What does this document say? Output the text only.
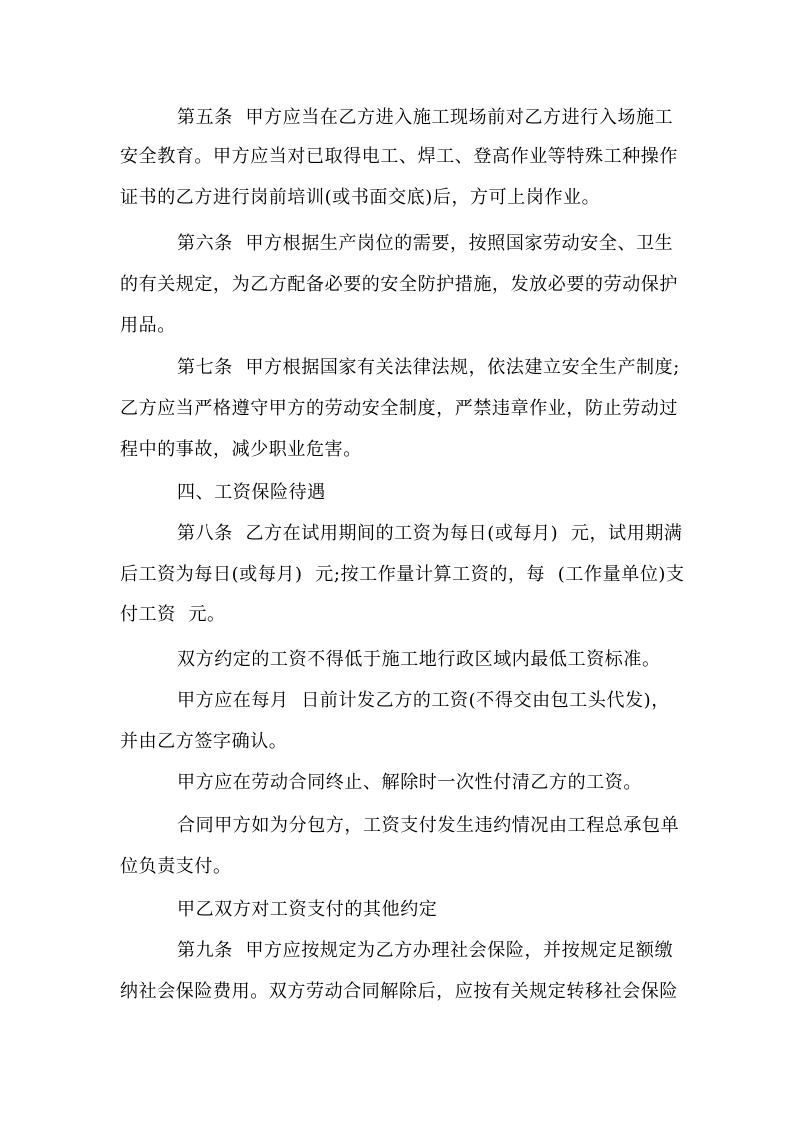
第五条  甲方应当在乙方进入施工现场前对乙方进行入场施工
安全教育。甲方应当对已取得电工、焊工、登高作业等特殊工种操作
证书的乙方进行岗前培训(或书面交底)后，方可上岗作业。
第六条  甲方根据生产岗位的需要，按照国家劳动安全、卫生
的有关规定，为乙方配备必要的安全防护措施，发放必要的劳动保护
用品。
第七条  甲方根据国家有关法律法规，依法建立安全生产制度;
乙方应当严格遵守甲方的劳动安全制度，严禁违章作业，防止劳动过
程中的事故，减少职业危害。
四、工资保险待遇
第八条  乙方在试用期间的工资为每日(或每月)  元，试用期满
后工资为每日(或每月)  元;按工作量计算工资的，每  (工作量单位)支
付工资  元。
双方约定的工资不得低于施工地行政区域内最低工资标准。
甲方应在每月  日前计发乙方的工资(不得交由包工头代发)，
并由乙方签字确认。
甲方应在劳动合同终止、解除时一次性付清乙方的工资。
合同甲方如为分包方，工资支付发生违约情况由工程总承包单
位负责支付。
甲乙双方对工资支付的其他约定
第九条  甲方应按规定为乙方办理社会保险，并按规定足额缴
纳社会保险费用。双方劳动合同解除后，应按有关规定转移社会保险
